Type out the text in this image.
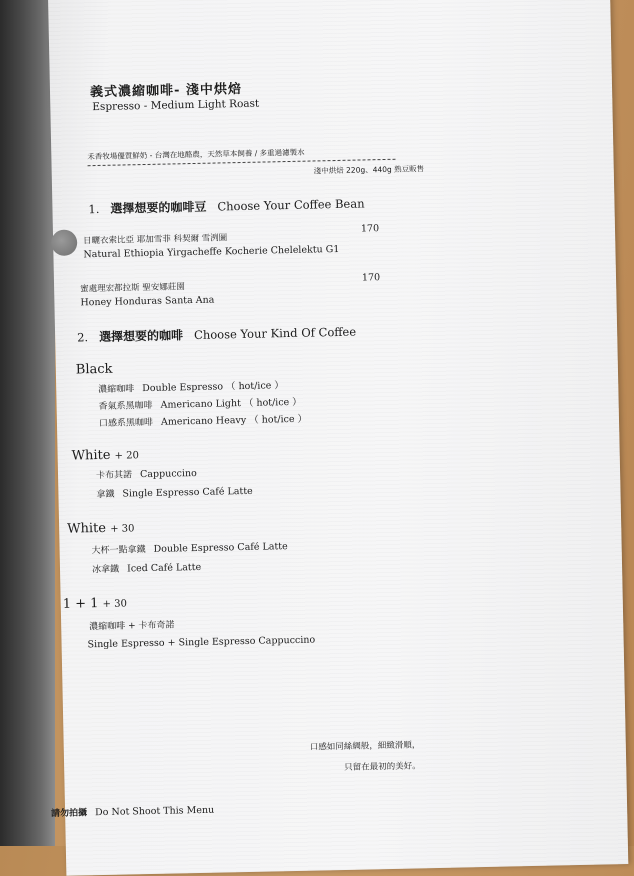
義式濃縮咖啡- 淺中烘焙
Espresso - Medium Light Roast
禾香牧場優質鮮奶 - 台灣在地酪農，天然草本飼養 / 多重過濾製水
淺中烘焙 220g、440g 熟豆販售
1. 選擇想要的咖啡豆 Choose Your Coffee Bean
日曬衣索比亞 耶加雪菲 科契爾 雪洌圖
170
Natural Ethiopia Yirgacheffe Kocherie Chelelektu G1
蜜處理宏都拉斯 聖安娜莊園
170
Honey Honduras Santa Ana
2. 選擇想要的咖啡 Choose Your Kind Of Coffee
Black
濃縮咖啡 Double Espresso （ hot/ice ）
香氣系黑咖啡 Americano Light （ hot/ice ）
口感系黑咖啡 Americano Heavy （ hot/ice ）
White + 20
卡布其諾 Cappuccino
拿鐵 Single Espresso Café Latte
White + 30
大杯一點拿鐵 Double Espresso Café Latte
冰拿鐵 Iced Café Latte
1 + 1 + 30
濃縮咖啡 + 卡布奇諾
Single Espresso + Single Espresso Cappuccino
口感如同絲綢般，細緻滑順，
只留在最初的美好。
請勿拍攝 Do Not Shoot This Menu
